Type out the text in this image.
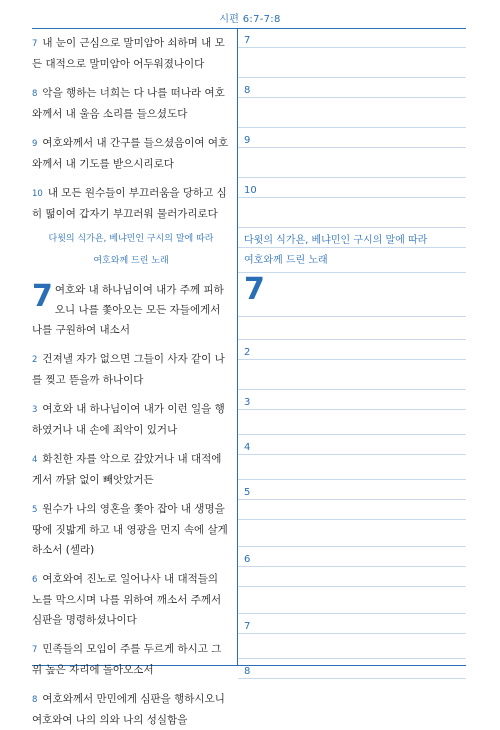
시편 6:7-7:8
7 내 눈이 근심으로 말미암아 쇠하며 내 모든 대적으로 말미암아 어두워졌나이다
8 악을 행하는 너희는 다 나를 떠나라 여호와께서 내 울음 소리를 들으셨도다
9 여호와께서 내 간구를 들으셨음이여 여호와께서 내 기도를 받으시리로다
10 내 모든 원수들이 부끄러움을 당하고 심히 떪이여 갑자기 부끄러워 물러가리로다
다윗의 식가욘, 베냐민인 구시의 말에 따라
여호와께 드린 노래
7 여호와 내 하나님이여 내가 주께 피하오니 나를 쫓아오는 모든 자들에게서 나를 구원하여 내소서
2 건져낼 자가 없으면 그들이 사자 같이 나를 찢고 뜯을까 하나이다
3 여호와 내 하나님이여 내가 이런 일을 행하였거나 내 손에 죄악이 있거나
4 화친한 자를 악으로 갚았거나 내 대적에게서 까닭 없이 빼앗았거든
5 원수가 나의 영혼을 쫓아 잡아 내 생명을 땅에 짓밟게 하고 내 영광을 먼지 속에 살게 하소서 (셀라)
6 여호와여 진노로 일어나사 내 대적들의 노를 막으시며 나를 위하여 깨소서 주께서 심판을 명령하셨나이다
7 민족들의 모임이 주를 두르게 하시고 그 위 높은 자리에 돌아오소서
8 여호와께서 만민에게 심판을 행하시오니 여호와여 나의 의와 나의 성실함을
7
8
9
10
다윗의 식가욘, 베냐민인 구시의 말에 따라
여호와께 드린 노래
7
2
3
4
5
6
7
8
